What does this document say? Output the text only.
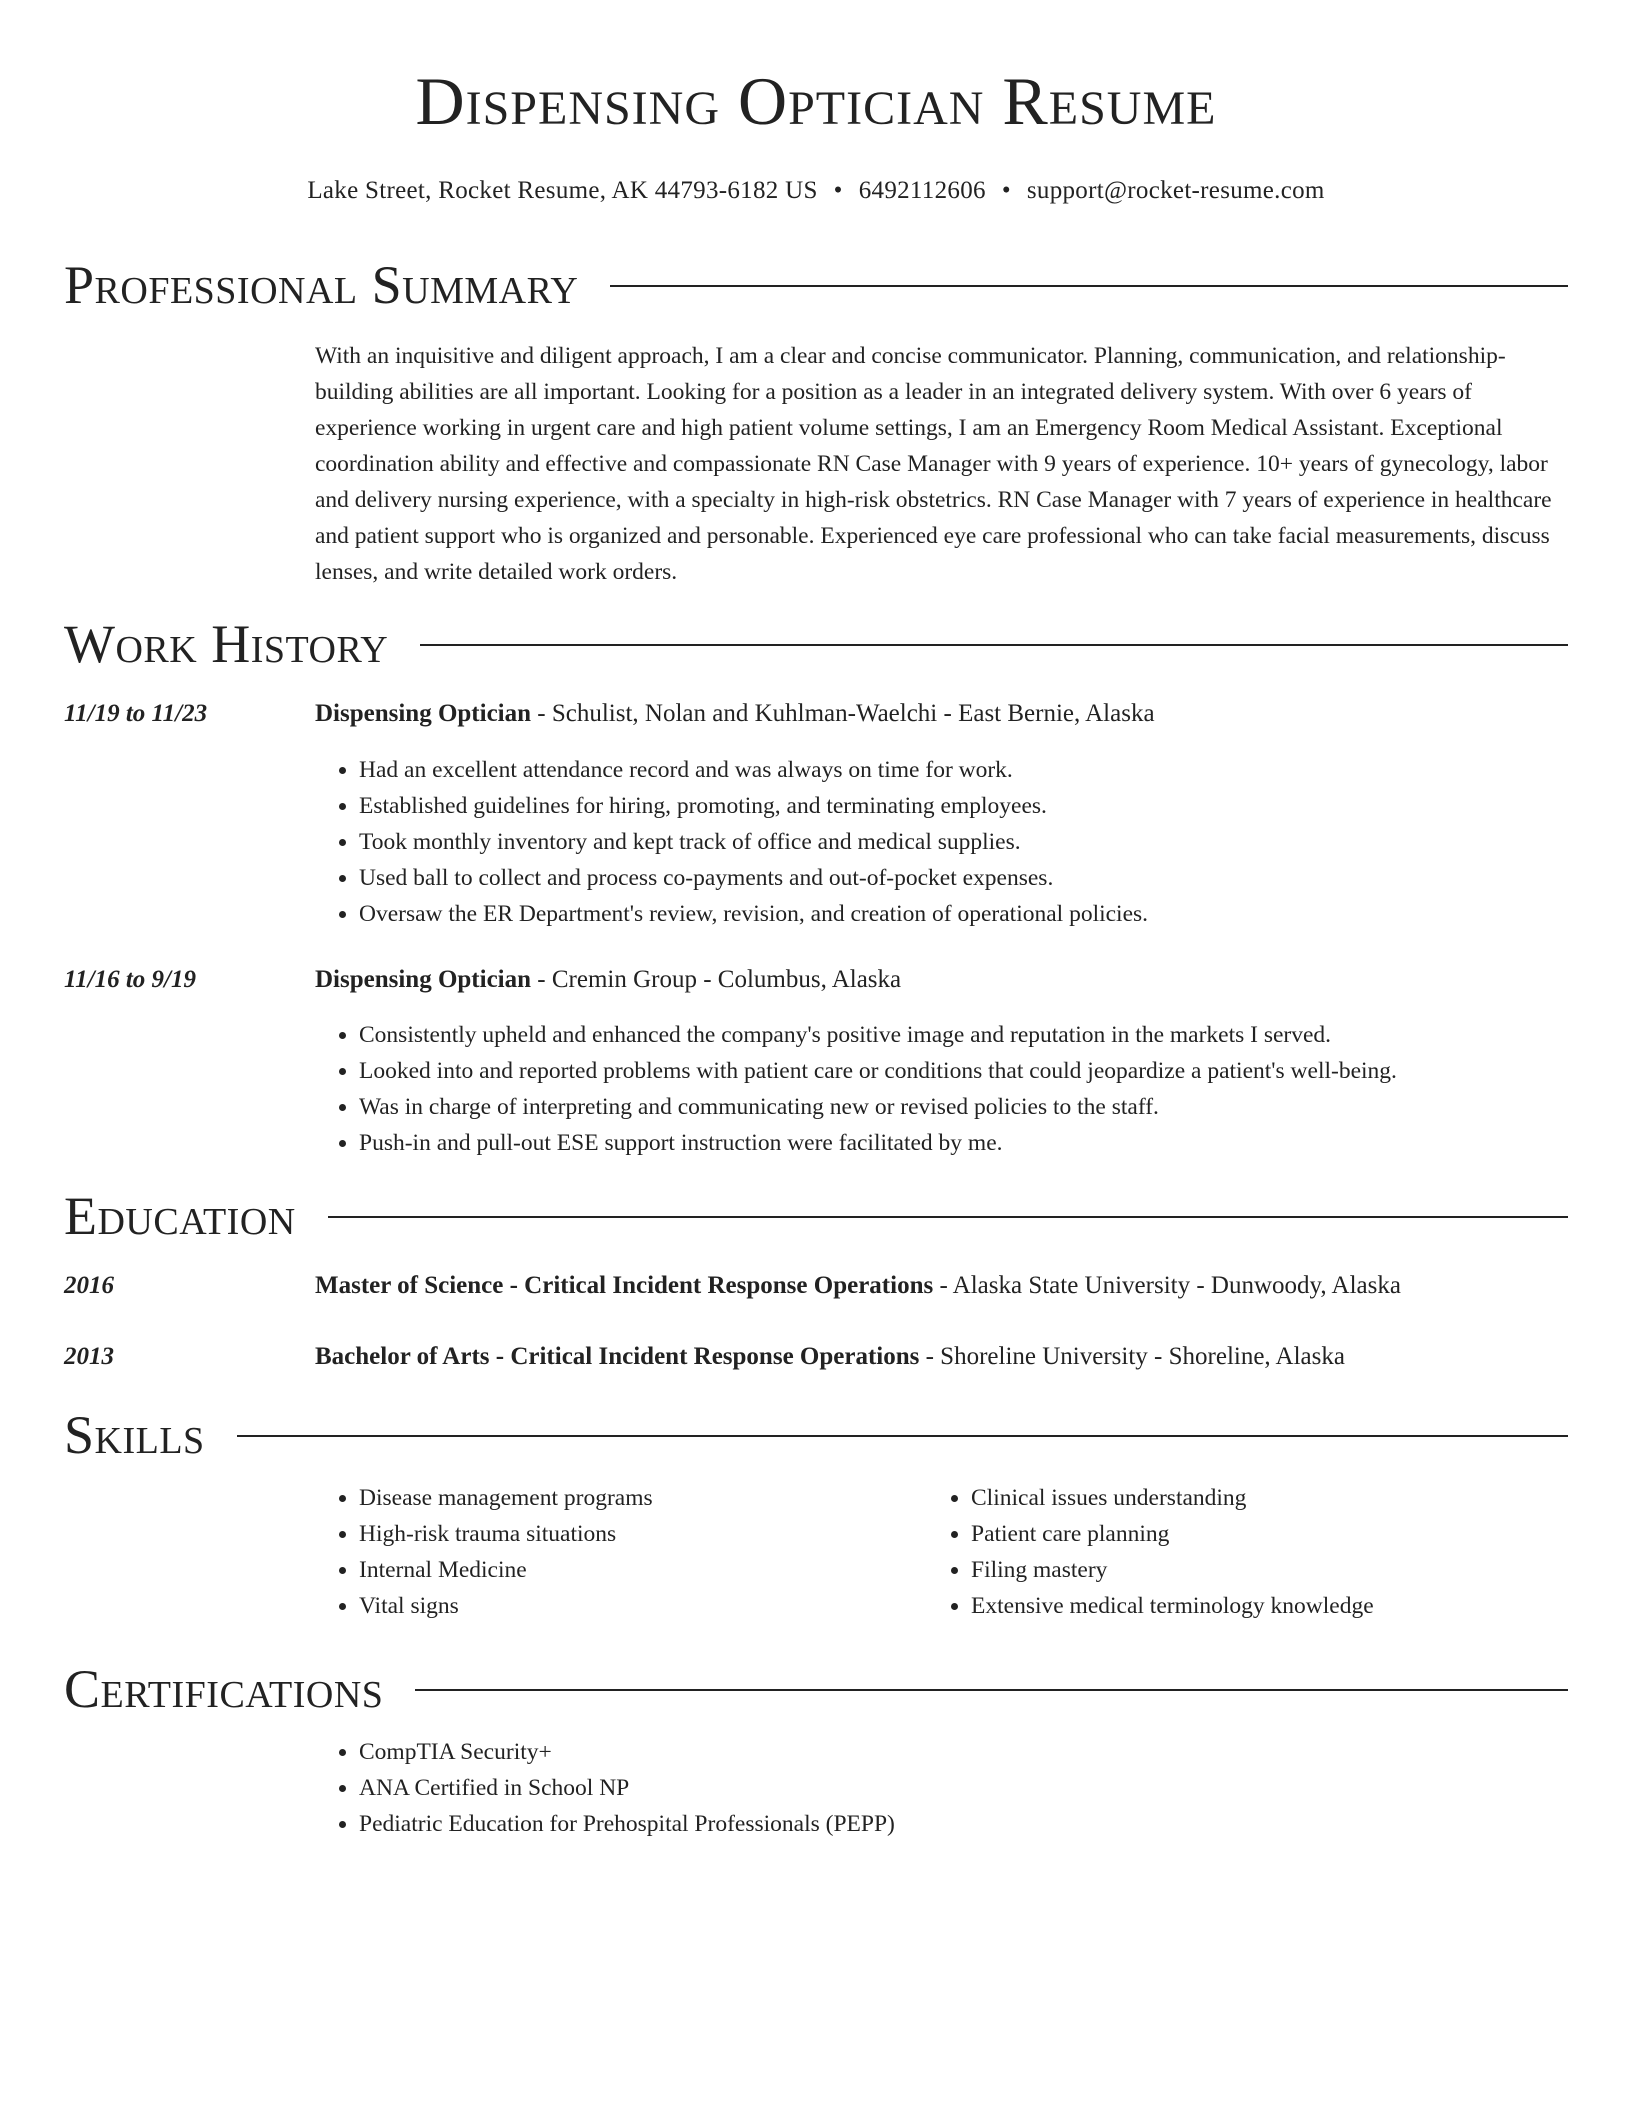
Dispensing Optician Resume
Lake Street, Rocket Resume, AK 44793-6182 US • 6492112606 • support@rocket-resume.com
Professional Summary

With an inquisitive and diligent approach, I am a clear and concise communicator. Planning, communication, and relationship-building abilities are all important. Looking for a position as a leader in an integrated delivery system. With over 6 years of experience working in urgent care and high patient volume settings, I am an Emergency Room Medical Assistant. Exceptional coordination ability and effective and compassionate RN Case Manager with 9 years of experience. 10+ years of gynecology, labor and delivery nursing experience, with a specialty in high-risk obstetrics. RN Case Manager with 7 years of experience in healthcare and patient support who is organized and personable. Experienced eye care professional who can take facial measurements, discuss lenses, and write detailed work orders.

Work History
11/19 to 11/23	Dispensing Optician - Schulist, Nolan and Kuhlman-Waelchi - East Bernie, Alaska
• Had an excellent attendance record and was always on time for work.
• Established guidelines for hiring, promoting, and terminating employees.
• Took monthly inventory and kept track of office and medical supplies.
• Used ball to collect and process co-payments and out-of-pocket expenses.
• Oversaw the ER Department's review, revision, and creation of operational policies.
11/16 to 9/19	Dispensing Optician - Cremin Group - Columbus, Alaska
• Consistently upheld and enhanced the company's positive image and reputation in the markets I served.
• Looked into and reported problems with patient care or conditions that could jeopardize a patient's well-being.
• Was in charge of interpreting and communicating new or revised policies to the staff.
• Push-in and pull-out ESE support instruction were facilitated by me.
Education
2016	Master of Science - Critical Incident Response Operations - Alaska State University - Dunwoody, Alaska
2013	Bachelor of Arts - Critical Incident Response Operations - Shoreline University - Shoreline, Alaska
Skills
• Disease management programs
• High-risk trauma situations
• Internal Medicine
• Vital signs
• Clinical issues understanding
• Patient care planning
• Filing mastery
• Extensive medical terminology knowledge
Certifications
• CompTIA Security+
• ANA Certified in School NP
• Pediatric Education for Prehospital Professionals (PEPP)
